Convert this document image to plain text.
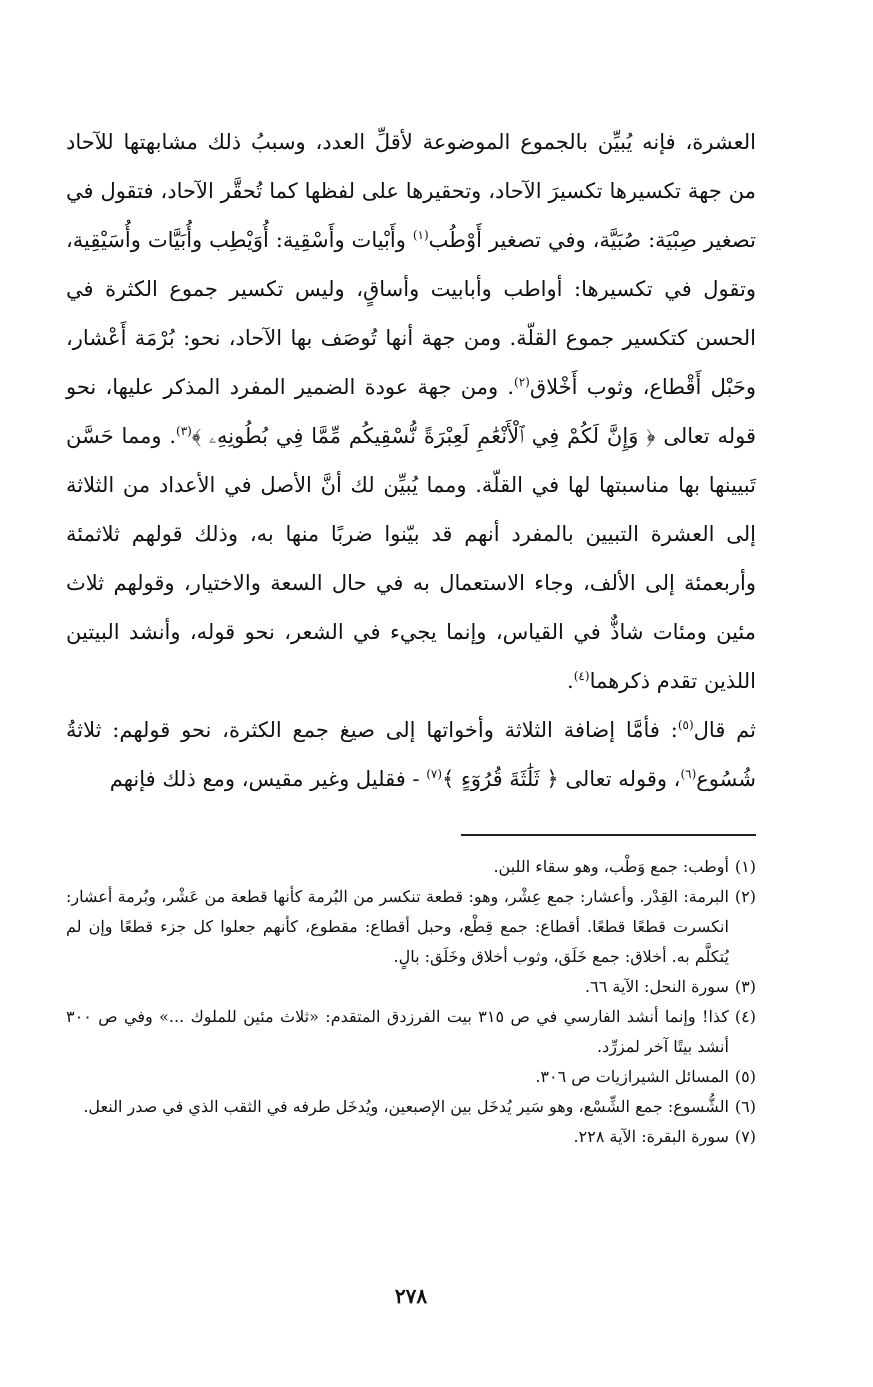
العشرة، فإنه يُبيِّن بالجموع الموضوعة لأقلِّ العدد، وسببُ ذلك مشابهتها للآحاد من جهة تكسيرها تكسيرَ الآحاد، وتحقيرها على لفظها كما تُحقَّر الآحاد، فتقول في تصغير صِبْيَة: صُبَيَّة، وفي تصغير أَوْطُب$^{(١)}$ وأَبْيات وأَسْقِية: أُوَيْطِب وأُبَيَّات وأُسَيْقِية، وتقول في تكسيرها: أواطب وأبابيت وأساقٍ، وليس تكسير جموع الكثرة في الحسن كتكسير جموع القلّة. ومن جهة أنها تُوصَف بها الآحاد، نحو: بُرْمَة أَعْشار، وحَبْل أَقْطاع، وثوب أَخْلاق$^{(٢)}$. ومن جهة عودة الضمير المفرد المذكر عليها، نحو قوله تعالى ﴿ وَإِنَّ لَكُمْ فِي ٱلْأَنْعَٰمِ لَعِبْرَةً نُّسْقِيكُم مِّمَّا فِي بُطُونِهِۦ ﴾$^{(٣)}$. ومما حَسَّن تَبيينها بها مناسبتها لها في القلّة. ومما يُبيِّن لك أنَّ الأصل في الأعداد من الثلاثة إلى العشرة التبيين بالمفرد أنهم قد بيّنوا ضربًا منها به، وذلك قولهم ثلاثمئة وأربعمئة إلى الألف، وجاء الاستعمال به في حال السعة والاختيار، وقولهم ثلاث مئين ومئات شاذٌّ في القياس، وإنما يجيء في الشعر، نحو قوله، وأنشد البيتين اللذين تقدم ذكرهما$^{(٤)}$.

ثم قال$^{(٥)}$: فأمَّا إضافة الثلاثة وأخواتها إلى صيغ جمع الكثرة، نحو قولهم: ثلاثةُ شُسُوع$^{(٦)}$، وقوله تعالى ﴿ ثَلَٰثَةَ قُرُوٓءٍ ﴾$^{(٧)}$ - فقليل وغير مقيس، ومع ذلك فإنهم

(١)
أوطب: جمع وَطْب، وهو سقاء اللبن.
(٢)
البرمة: القِدْر. وأعشار: جمع عِشْر، وهو: قطعة تنكسر من البُرمة كأنها قطعة من عَشْر، وبُرمة أعشار: انكسرت قطعًا قطعًا. أقطاع: جمع قِطْع، وحبل أقطاع: مقطوع، كأنهم جعلوا كل جزء قطعًا وإن لم يُتكلَّم به. أخلاق: جمع خَلَق، وثوب أخلاق وخَلَق: بالٍ.
(٣)
سورة النحل: الآية ٦٦.
(٤)
كذا! وإنما أنشد الفارسي في ص ٣١٥ بيت الفرزدق المتقدم: «ثلاث مئين للملوك ...» وفي ص ٣٠٠ أنشد بيتًا آخر لمزرِّد.
(٥)
المسائل الشيرازيات ص ٣٠٦.
(٦)
الشُّسوع: جمع الشِّسْع، وهو سَير يُدخَل بين الإصبعين، ويُدخَل طرفه في الثقب الذي في صدر النعل.
(٧)
سورة البقرة: الآية ٢٢٨.
٢٧٨
